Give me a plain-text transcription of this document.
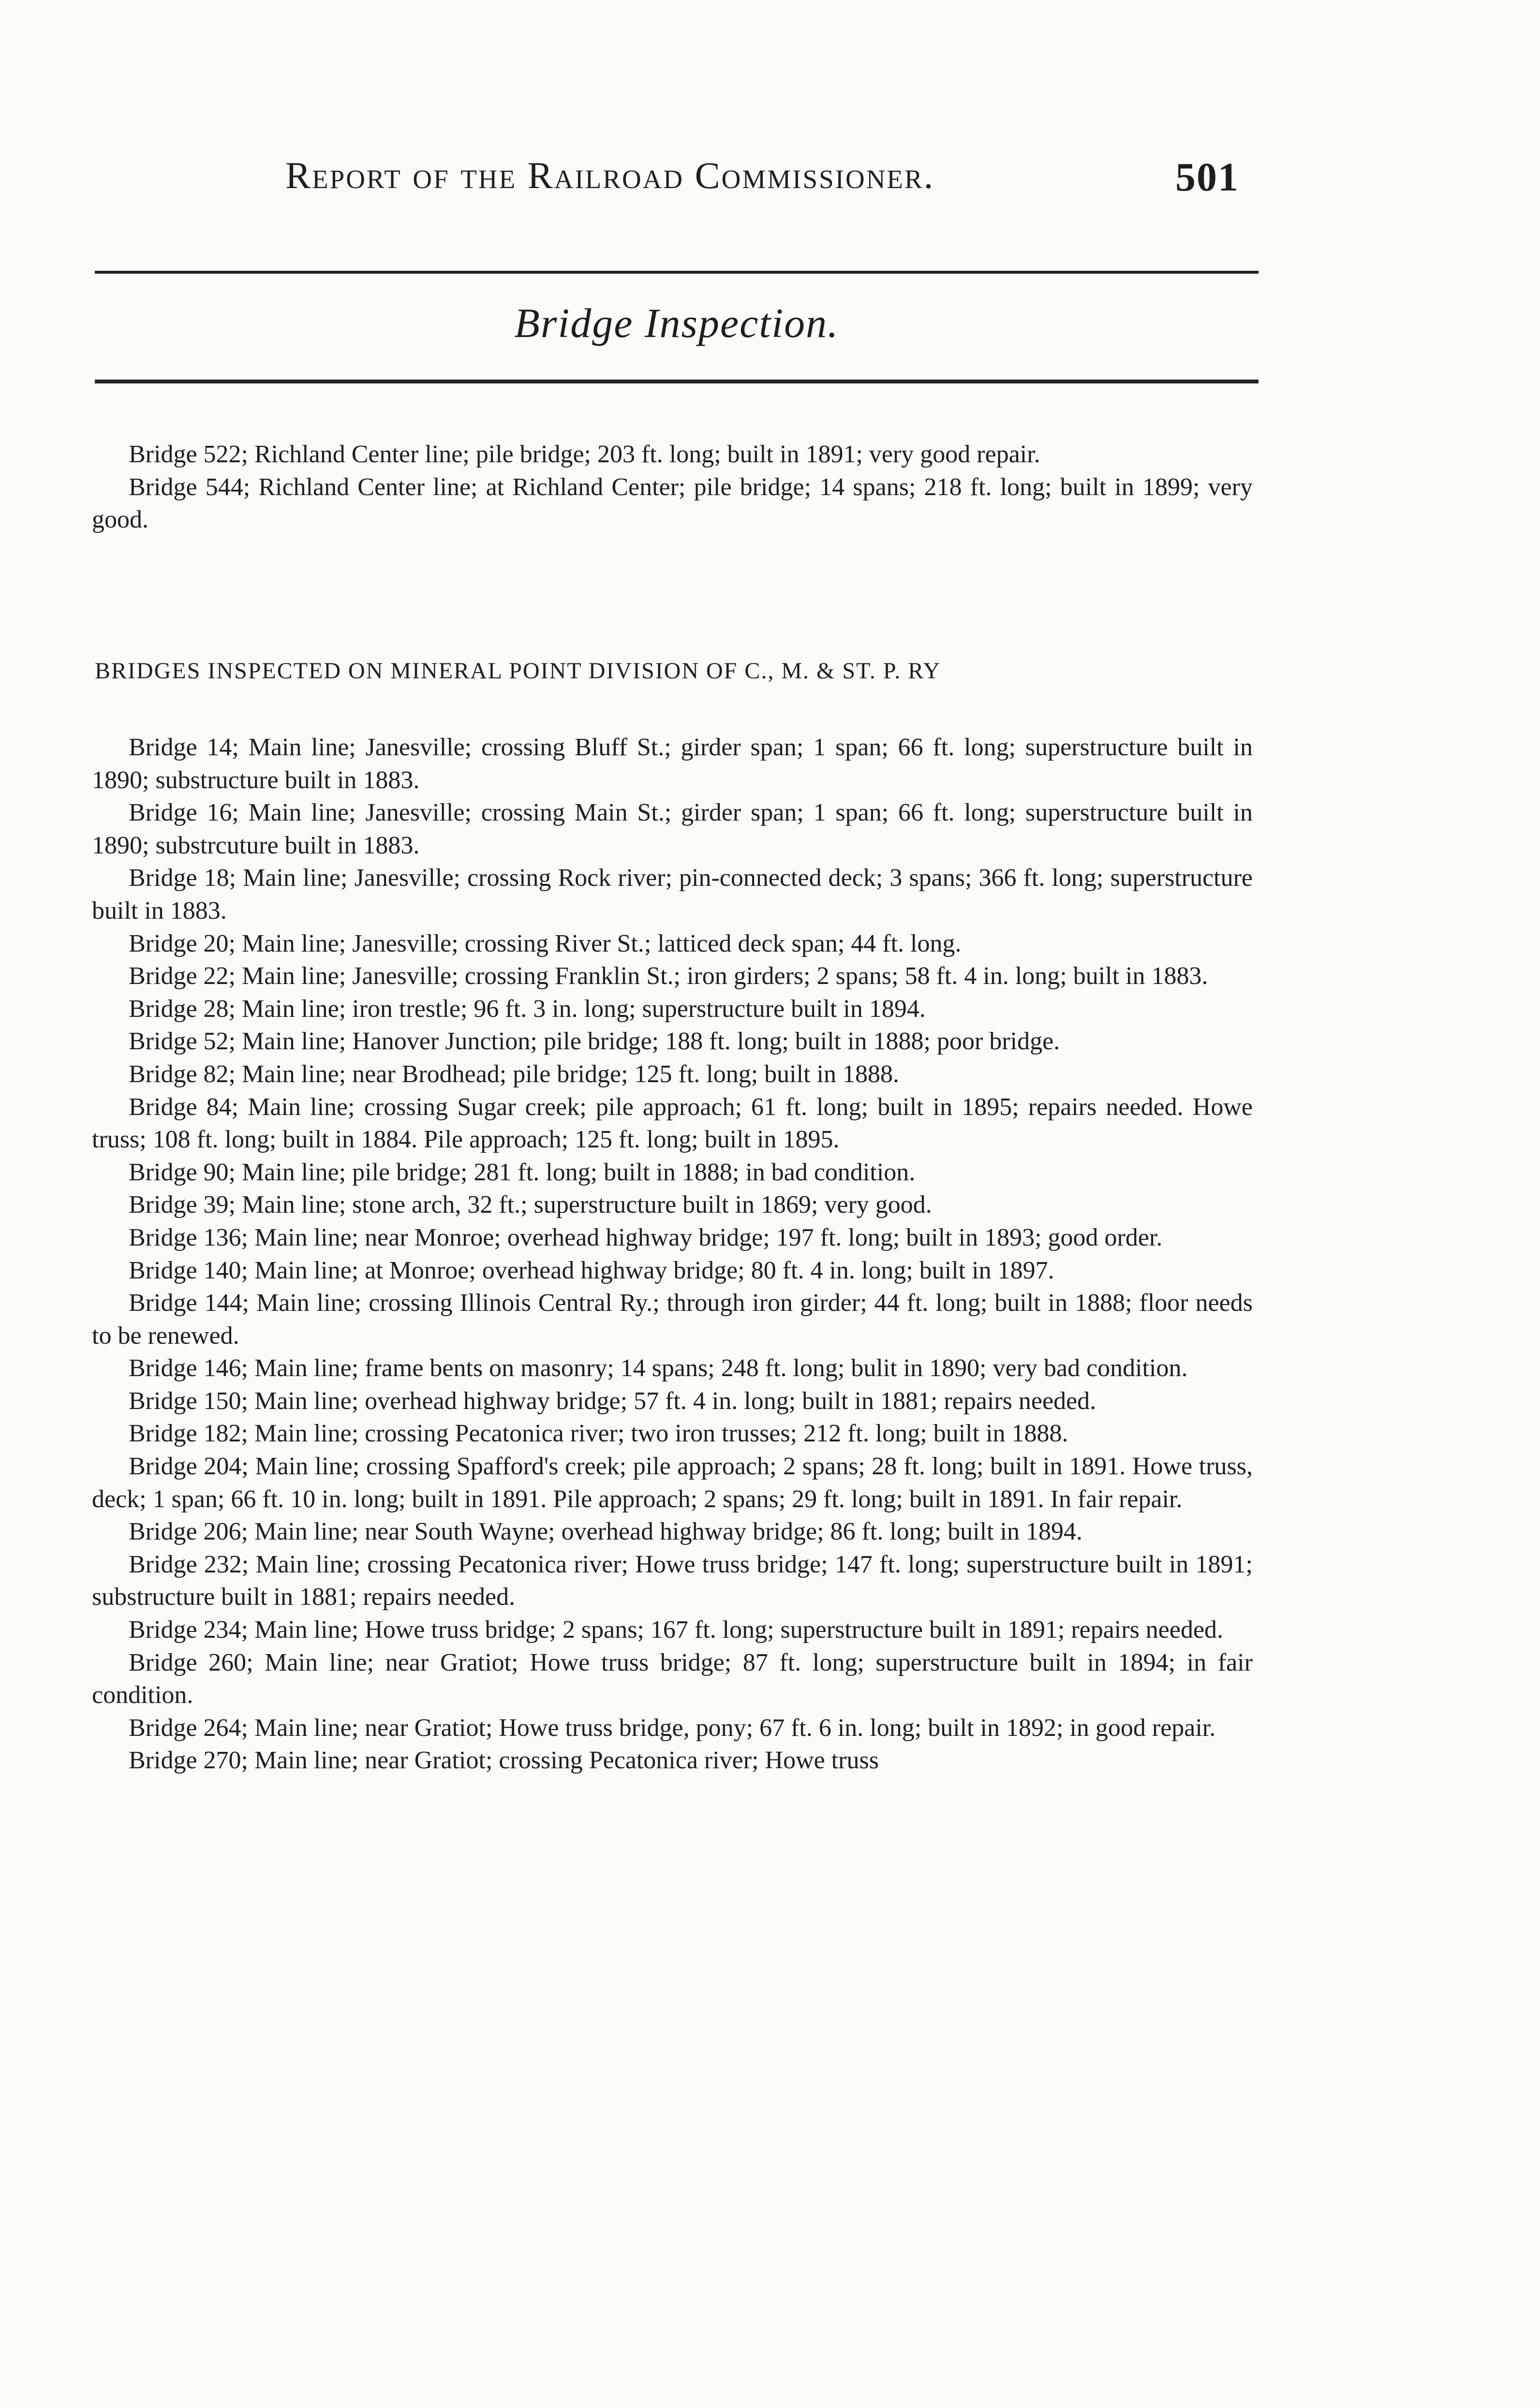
Report of the Railroad Commissioner.	501
Bridge Inspection.

Bridge 522; Richland Center line; pile bridge; 203 ft. long; built in 1891; very good repair.

Bridge 544; Richland Center line; at Richland Center; pile bridge; 14 spans; 218 ft. long; built in 1899; very good.

BRIDGES INSPECTED ON MINERAL POINT DIVISION OF C., M. & ST. P. RY

Bridge 14; Main line; Janesville; crossing Bluff St.; girder span; 1 span; 66 ft. long; superstructure built in 1890; substructure built in 1883.

Bridge 16; Main line; Janesville; crossing Main St.; girder span; 1 span; 66 ft. long; superstructure built in 1890; substrcuture built in 1883.

Bridge 18; Main line; Janesville; crossing Rock river; pin-connected deck; 3 spans; 366 ft. long; superstructure built in 1883.

Bridge 20; Main line; Janesville; crossing River St.; latticed deck span; 44 ft. long.

Bridge 22; Main line; Janesville; crossing Franklin St.; iron girders; 2 spans; 58 ft. 4 in. long; built in 1883.

Bridge 28; Main line; iron trestle; 96 ft. 3 in. long; superstructure built in 1894.

Bridge 52; Main line; Hanover Junction; pile bridge; 188 ft. long; built in 1888; poor bridge.

Bridge 82; Main line; near Brodhead; pile bridge; 125 ft. long; built in 1888.

Bridge 84; Main line; crossing Sugar creek; pile approach; 61 ft. long; built in 1895; repairs needed. Howe truss; 108 ft. long; built in 1884. Pile approach; 125 ft. long; built in 1895.

Bridge 90; Main line; pile bridge; 281 ft. long; built in 1888; in bad condition.

Bridge 39; Main line; stone arch, 32 ft.; superstructure built in 1869; very good.

Bridge 136; Main line; near Monroe; overhead highway bridge; 197 ft. long; built in 1893; good order.

Bridge 140; Main line; at Monroe; overhead highway bridge; 80 ft. 4 in. long; built in 1897.

Bridge 144; Main line; crossing Illinois Central Ry.; through iron girder; 44 ft. long; built in 1888; floor needs to be renewed.

Bridge 146; Main line; frame bents on masonry; 14 spans; 248 ft. long; bulit in 1890; very bad condition.

Bridge 150; Main line; overhead highway bridge; 57 ft. 4 in. long; built in 1881; repairs needed.

Bridge 182; Main line; crossing Pecatonica river; two iron trusses; 212 ft. long; built in 1888.

Bridge 204; Main line; crossing Spafford's creek; pile approach; 2 spans; 28 ft. long; built in 1891. Howe truss, deck; 1 span; 66 ft. 10 in. long; built in 1891. Pile approach; 2 spans; 29 ft. long; built in 1891. In fair repair.

Bridge 206; Main line; near South Wayne; overhead highway bridge; 86 ft. long; built in 1894.

Bridge 232; Main line; crossing Pecatonica river; Howe truss bridge; 147 ft. long; superstructure built in 1891; substructure built in 1881; repairs needed.

Bridge 234; Main line; Howe truss bridge; 2 spans; 167 ft. long; superstructure built in 1891; repairs needed.

Bridge 260; Main line; near Gratiot; Howe truss bridge; 87 ft. long; superstructure built in 1894; in fair condition.

Bridge 264; Main line; near Gratiot; Howe truss bridge, pony; 67 ft. 6 in. long; built in 1892; in good repair.

Bridge 270; Main line; near Gratiot; crossing Pecatonica river; Howe truss
